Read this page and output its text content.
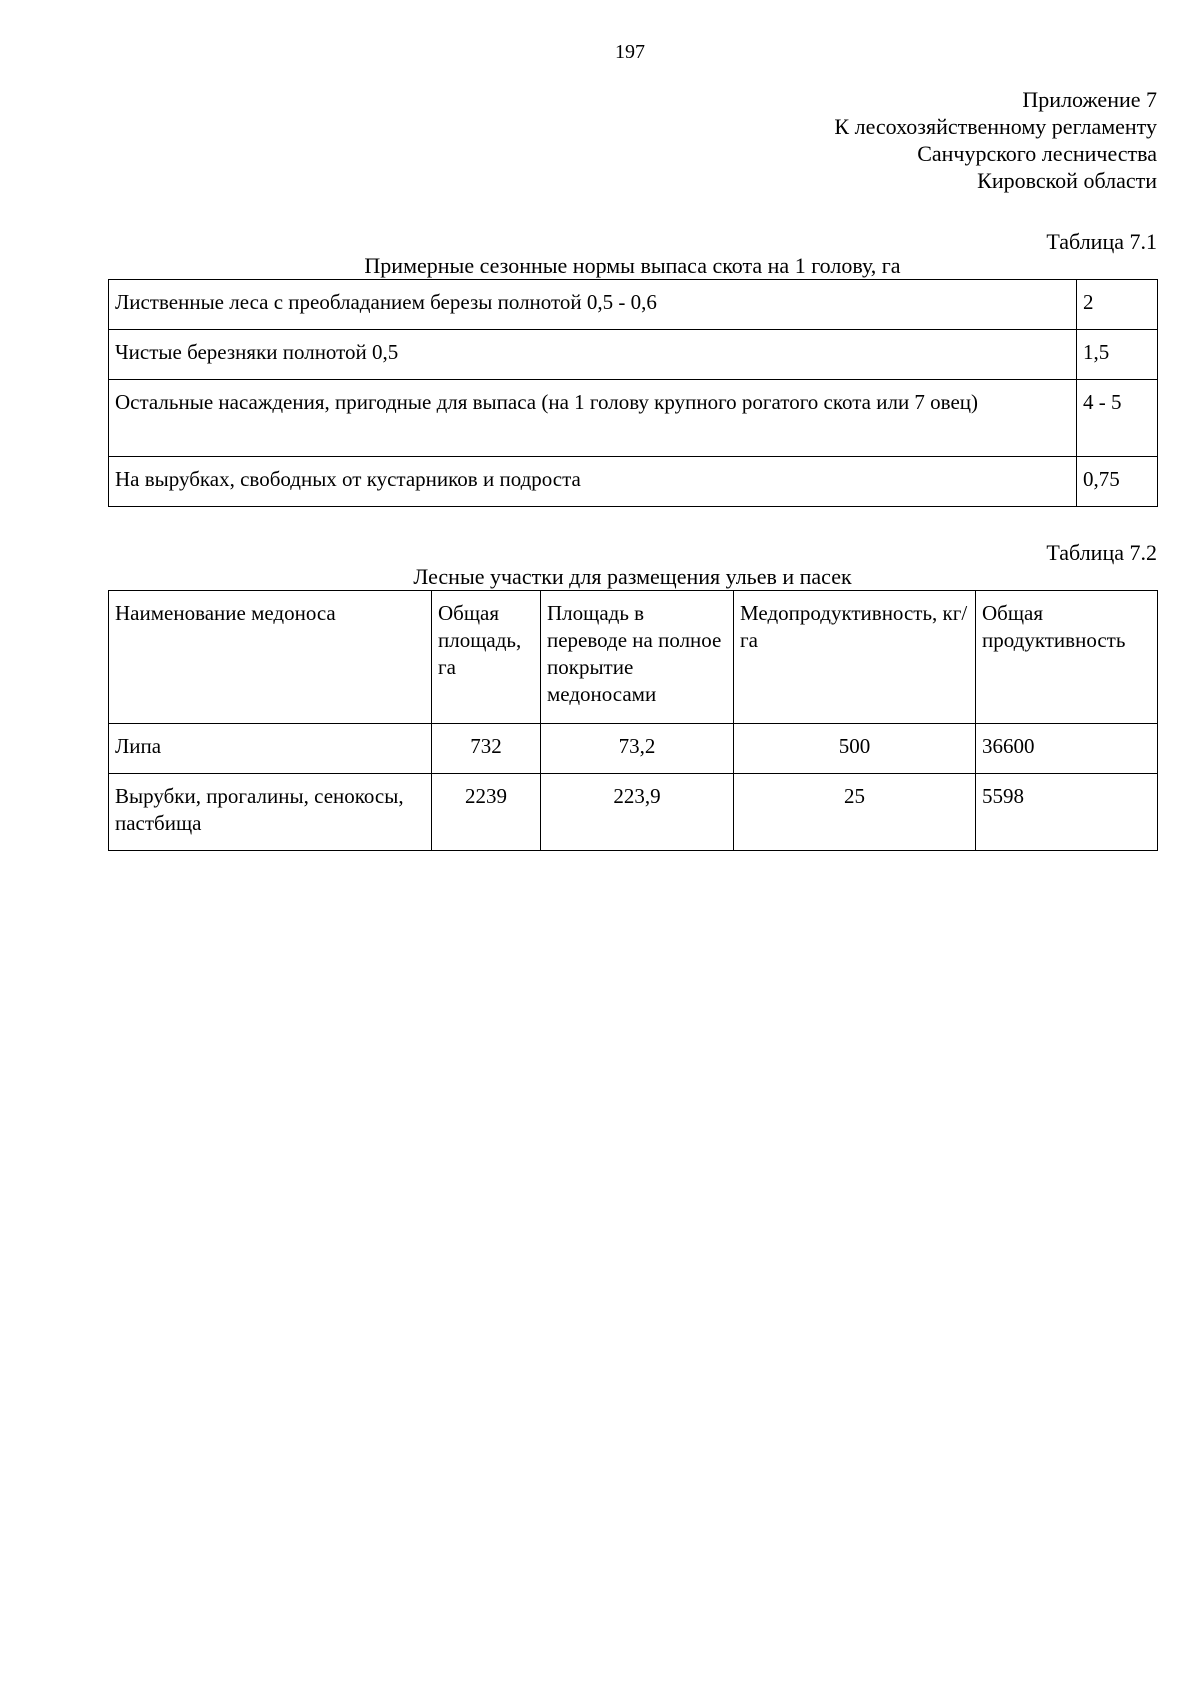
197
Приложение 7
К лесохозяйственному регламенту
Санчурского лесничества
Кировской области
Таблица 7.1
Примерные сезонные нормы выпаса скота на 1 голову, га
Лиственные леса с преобладанием березы полнотой 0,5 - 0,6	2
Чистые березняки полнотой 0,5	1,5
Остальные насаждения, пригодные для выпаса (на 1 голову крупного рогатого скота или 7 овец)	4 - 5
На вырубках, свободных от кустарников и подроста	0,75
Таблица 7.2
Лесные участки для размещения ульев и пасек
Наименование медоноса	Общая площадь, га	Площадь в переводе на полное покрытие медоносами	Медопродуктивность, кг/га	Общая продуктивность
Липа	732	73,2	500	36600
Вырубки, прогалины, сенокосы, пастбища	2239	223,9	25	5598
